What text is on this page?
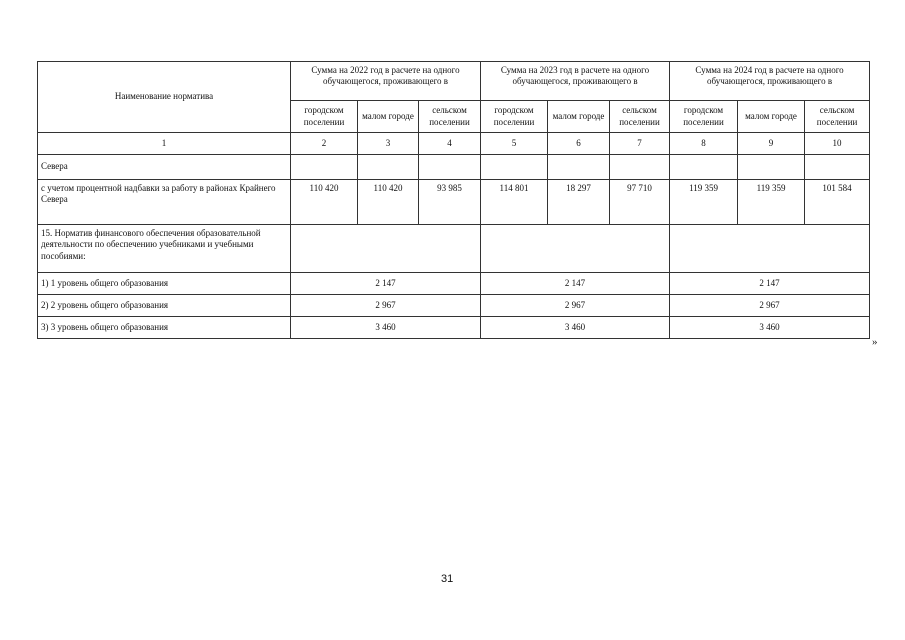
Наименование норматива	Сумма на 2022 год в расчете на одного обучающегося, проживающего в			Сумма на 2023 год в расчете на одного обучающегося, проживающего в			Сумма на 2024 год в расчете на одного обучающегося, проживающего в		
	городском поселении	малом городе	сельском поселении	городском поселении	малом городе	сельском поселении	городском поселении	малом городе	сельском поселении
1	2	3	4	5	6	7	8	9	10
Севера									
с учетом процентной надбавки за работу в районах Крайнего Севера	110 420	110 420	93 985	114 801	18 297	97 710	119 359	119 359	101 584
15. Норматив финансового обеспечения образовательной деятельности по обеспечению учебниками и учебными пособиями:									
1) 1 уровень общего образования	2 147			2 147			2 147		
2) 2 уровень общего образования	2 967			2 967			2 967		
3) 3 уровень общего образования	3 460			3 460			3 460		
»
31
